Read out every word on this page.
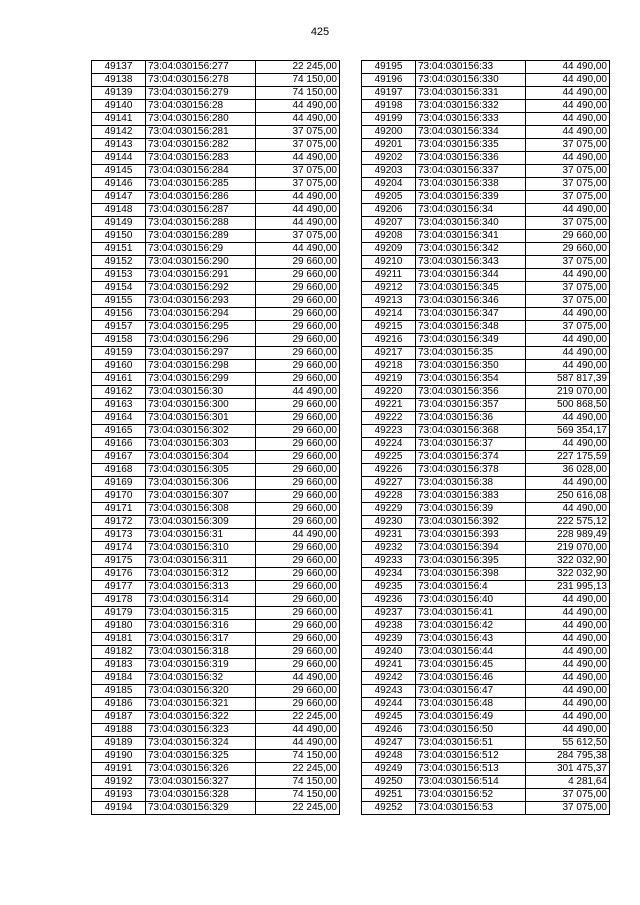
425
49137	73:04:030156:277	22 245,00
49138	73:04:030156:278	74 150,00
49139	73:04:030156:279	74 150,00
49140	73:04:030156:28	44 490,00
49141	73:04:030156:280	44 490,00
49142	73:04:030156:281	37 075,00
49143	73:04:030156:282	37 075,00
49144	73:04:030156:283	44 490,00
49145	73:04:030156:284	37 075,00
49146	73:04:030156:285	37 075,00
49147	73:04:030156:286	44 490,00
49148	73:04:030156:287	44 490,00
49149	73:04:030156:288	44 490,00
49150	73:04:030156:289	37 075,00
49151	73:04:030156:29	44 490,00
49152	73:04:030156:290	29 660,00
49153	73:04:030156:291	29 660,00
49154	73:04:030156:292	29 660,00
49155	73:04:030156:293	29 660,00
49156	73:04:030156:294	29 660,00
49157	73:04:030156:295	29 660,00
49158	73:04:030156:296	29 660,00
49159	73:04:030156:297	29 660,00
49160	73:04:030156:298	29 660,00
49161	73:04:030156:299	29 660,00
49162	73:04:030156:30	44 490,00
49163	73:04:030156:300	29 660,00
49164	73:04:030156:301	29 660,00
49165	73:04:030156:302	29 660,00
49166	73:04:030156:303	29 660,00
49167	73:04:030156:304	29 660,00
49168	73:04:030156:305	29 660,00
49169	73:04:030156:306	29 660,00
49170	73:04:030156:307	29 660,00
49171	73:04:030156:308	29 660,00
49172	73:04:030156:309	29 660,00
49173	73:04:030156:31	44 490,00
49174	73:04:030156:310	29 660,00
49175	73:04:030156:311	29 660,00
49176	73:04:030156:312	29 660,00
49177	73:04:030156:313	29 660,00
49178	73:04:030156:314	29 660,00
49179	73:04:030156:315	29 660,00
49180	73:04:030156:316	29 660,00
49181	73:04:030156:317	29 660,00
49182	73:04:030156:318	29 660,00
49183	73:04:030156:319	29 660,00
49184	73:04:030156:32	44 490,00
49185	73:04:030156:320	29 660,00
49186	73:04:030156:321	29 660,00
49187	73:04:030156:322	22 245,00
49188	73:04:030156:323	44 490,00
49189	73:04:030156:324	44 490,00
49190	73:04:030156:325	74 150,00
49191	73:04:030156:326	22 245,00
49192	73:04:030156:327	74 150,00
49193	73:04:030156:328	74 150,00
49194	73:04:030156:329	22 245,00
49195	73:04:030156:33	44 490,00
49196	73:04:030156:330	44 490,00
49197	73:04:030156:331	44 490,00
49198	73:04:030156:332	44 490,00
49199	73:04:030156:333	44 490,00
49200	73:04:030156:334	44 490,00
49201	73:04:030156:335	37 075,00
49202	73:04:030156:336	44 490,00
49203	73:04:030156:337	37 075,00
49204	73:04:030156:338	37 075,00
49205	73:04:030156:339	37 075,00
49206	73:04:030156:34	44 490,00
49207	73:04:030156:340	37 075,00
49208	73:04:030156:341	29 660,00
49209	73:04:030156:342	29 660,00
49210	73:04:030156:343	37 075,00
49211	73:04:030156:344	44 490,00
49212	73:04:030156:345	37 075,00
49213	73:04:030156:346	37 075,00
49214	73:04:030156:347	44 490,00
49215	73:04:030156:348	37 075,00
49216	73:04:030156:349	44 490,00
49217	73:04:030156:35	44 490,00
49218	73:04:030156:350	44 490,00
49219	73:04:030156:354	587 817,39
49220	73:04:030156:356	219 070,00
49221	73:04:030156:357	500 868,50
49222	73:04:030156:36	44 490,00
49223	73:04:030156:368	569 354,17
49224	73:04:030156:37	44 490,00
49225	73:04:030156:374	227 175,59
49226	73:04:030156:378	36 028,00
49227	73:04:030156:38	44 490,00
49228	73:04:030156:383	250 616,08
49229	73:04:030156:39	44 490,00
49230	73:04:030156:392	222 575,12
49231	73:04:030156:393	228 989,49
49232	73:04:030156:394	219 070,00
49233	73:04:030156:395	322 032,90
49234	73:04:030156:398	322 032,90
49235	73:04:030156:4	231 995,13
49236	73:04:030156:40	44 490,00
49237	73:04:030156:41	44 490,00
49238	73:04:030156:42	44 490,00
49239	73:04:030156:43	44 490,00
49240	73:04:030156:44	44 490,00
49241	73:04:030156:45	44 490,00
49242	73:04:030156:46	44 490,00
49243	73:04:030156:47	44 490,00
49244	73:04:030156:48	44 490,00
49245	73:04:030156:49	44 490,00
49246	73:04:030156:50	44 490,00
49247	73:04:030156:51	55 612,50
49248	73:04:030156:512	284 795,38
49249	73:04:030156:513	301 475,37
49250	73:04:030156:514	4 281,64
49251	73:04:030156:52	37 075,00
49252	73:04:030156:53	37 075,00
